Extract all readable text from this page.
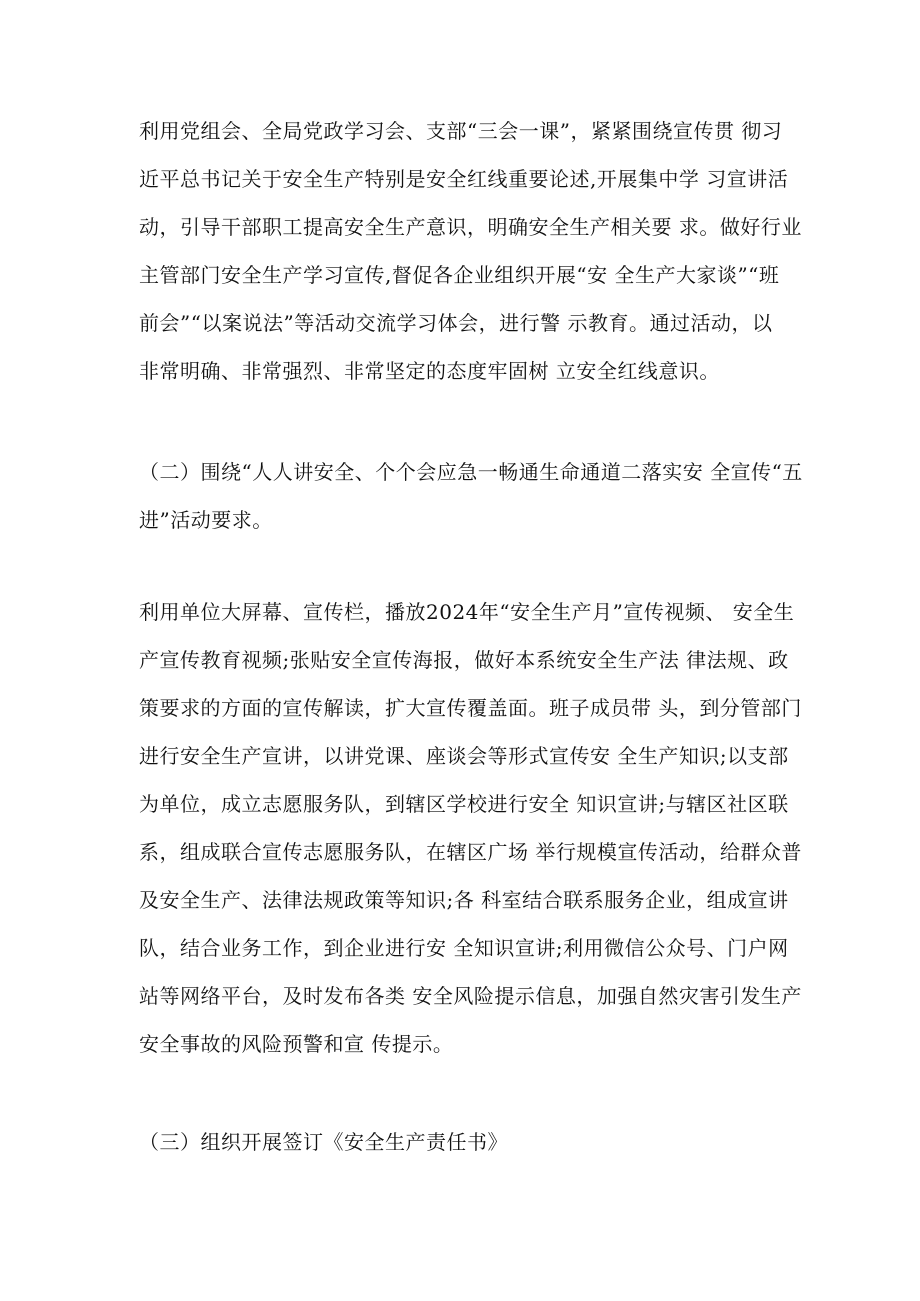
利用党组会、全局党政学习会、支部“三会一课”，紧紧围绕宣传贯 彻习
近平总书记关于安全生产特别是安全红线重要论述,开展集中学 习宣讲活
动，引导干部职工提高安全生产意识，明确安全生产相关要 求。做好行业
主管部门安全生产学习宣传,督促各企业组织开展“安 全生产大家谈”“班
前会”“以案说法”等活动交流学习体会，进行警 示教育。通过活动，以
非常明确、非常强烈、非常坚定的态度牢固树 立安全红线意识。
（二）围绕“人人讲安全、个个会应急一畅通生命通道二落实安 全宣传“五
进”活动要求。
利用单位大屏幕、宣传栏，播放2024年“安全生产月”宣传视频、 安全生
产宣传教育视频;张贴安全宣传海报，做好本系统安全生产法 律法规、政
策要求的方面的宣传解读，扩大宣传覆盖面。班子成员带 头，到分管部门
进行安全生产宣讲，以讲党课、座谈会等形式宣传安 全生产知识;以支部
为单位，成立志愿服务队，到辖区学校进行安全 知识宣讲;与辖区社区联
系，组成联合宣传志愿服务队，在辖区广场 举行规模宣传活动，给群众普
及安全生产、法律法规政策等知识;各 科室结合联系服务企业，组成宣讲
队，结合业务工作，到企业进行安 全知识宣讲;利用微信公众号、门户网
站等网络平台，及时发布各类 安全风险提示信息，加强自然灾害引发生产
安全事故的风险预警和宣 传提示。
（三）组织开展签订《安全生产责任书》
